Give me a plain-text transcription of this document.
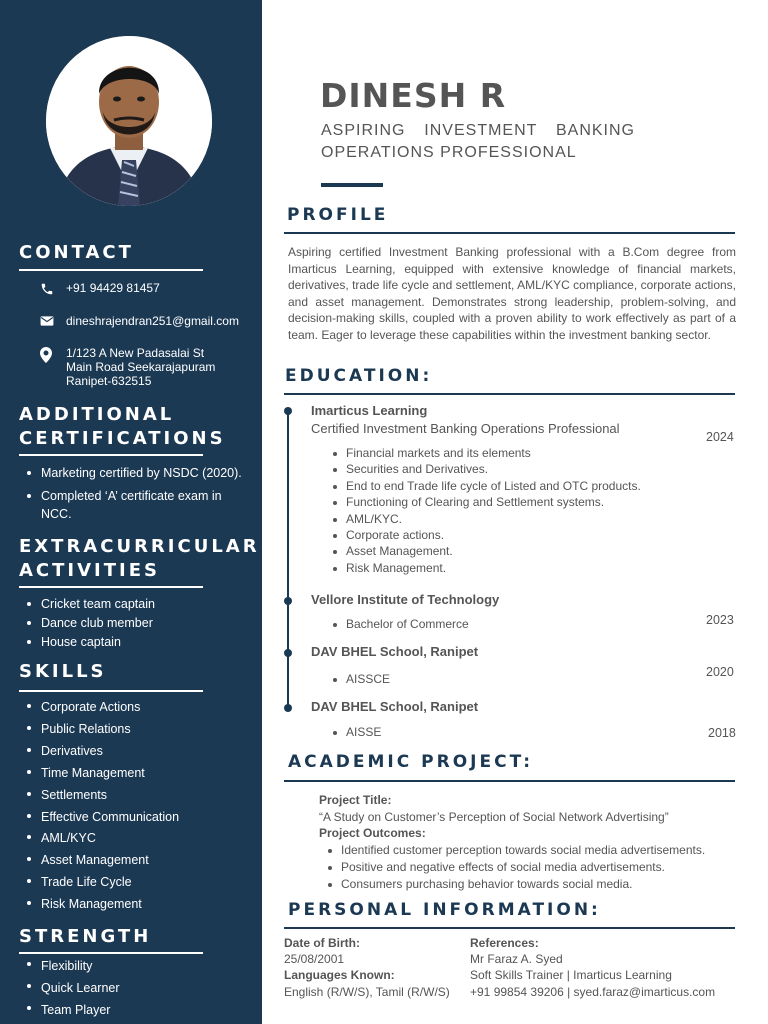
CONTACT
+91 94429 81457
dineshrajendran251@gmail.com
1/123 A New Padasalai St
Main Road Seekarajapuram
Ranipet-632515
ADDITIONAL
CERTIFICATIONS
Marketing certified by NSDC (2020).
Completed ‘A’ certificate exam in NCC.
EXTRACURRICULAR
ACTIVITIES
Cricket team captain
Dance club member
House captain
SKILLS
Corporate Actions
Public Relations
Derivatives
Time Management
Settlements
Effective Communication
AML/KYC
Asset Management
Trade Life Cycle
Risk Management
STRENGTH
Flexibility
Quick Learner
Team Player
DINESH R

ASPIRING INVESTMENT BANKING OPERATIONS PROFESSIONAL

PROFILE

Aspiring certified Investment Banking professional with a B.Com degree from Imarticus Learning, equipped with extensive knowledge of financial markets, derivatives, trade life cycle and settlement, AML/KYC compliance, corporate actions, and asset management. Demonstrates strong leadership, problem-solving, and decision-making skills, coupled with a proven ability to work effectively as part of a team. Eager to leverage these capabilities within the investment banking sector.

EDUCATION:

Imarticus Learning

Certified Investment Banking Operations Professional

2024

Financial markets and its elements
Securities and Derivatives.
End to end Trade life cycle of Listed and OTC products.
Functioning of Clearing and Settlement systems.
AML/KYC.
Corporate actions.
Asset Management.
Risk Management.

Vellore Institute of Technology

2023

Bachelor of Commerce

DAV BHEL School, Ranipet

2020

AISSCE

DAV BHEL School, Ranipet

2018

AISSE
ACADEMIC PROJECT:

Project Title:

“A Study on Customer’s Perception of Social Network Advertising”

Project Outcomes:

Identified customer perception towards social media advertisements.
Positive and negative effects of social media advertisements.
Consumers purchasing behavior towards social media.
PERSONAL INFORMATION:

Date of Birth:

25/08/2001

Languages Known:

English (R/W/S), Tamil (R/W/S)

References:

Mr Faraz A. Syed

Soft Skills Trainer | Imarticus Learning

+91 99854 39206 | syed.faraz@imarticus.com
